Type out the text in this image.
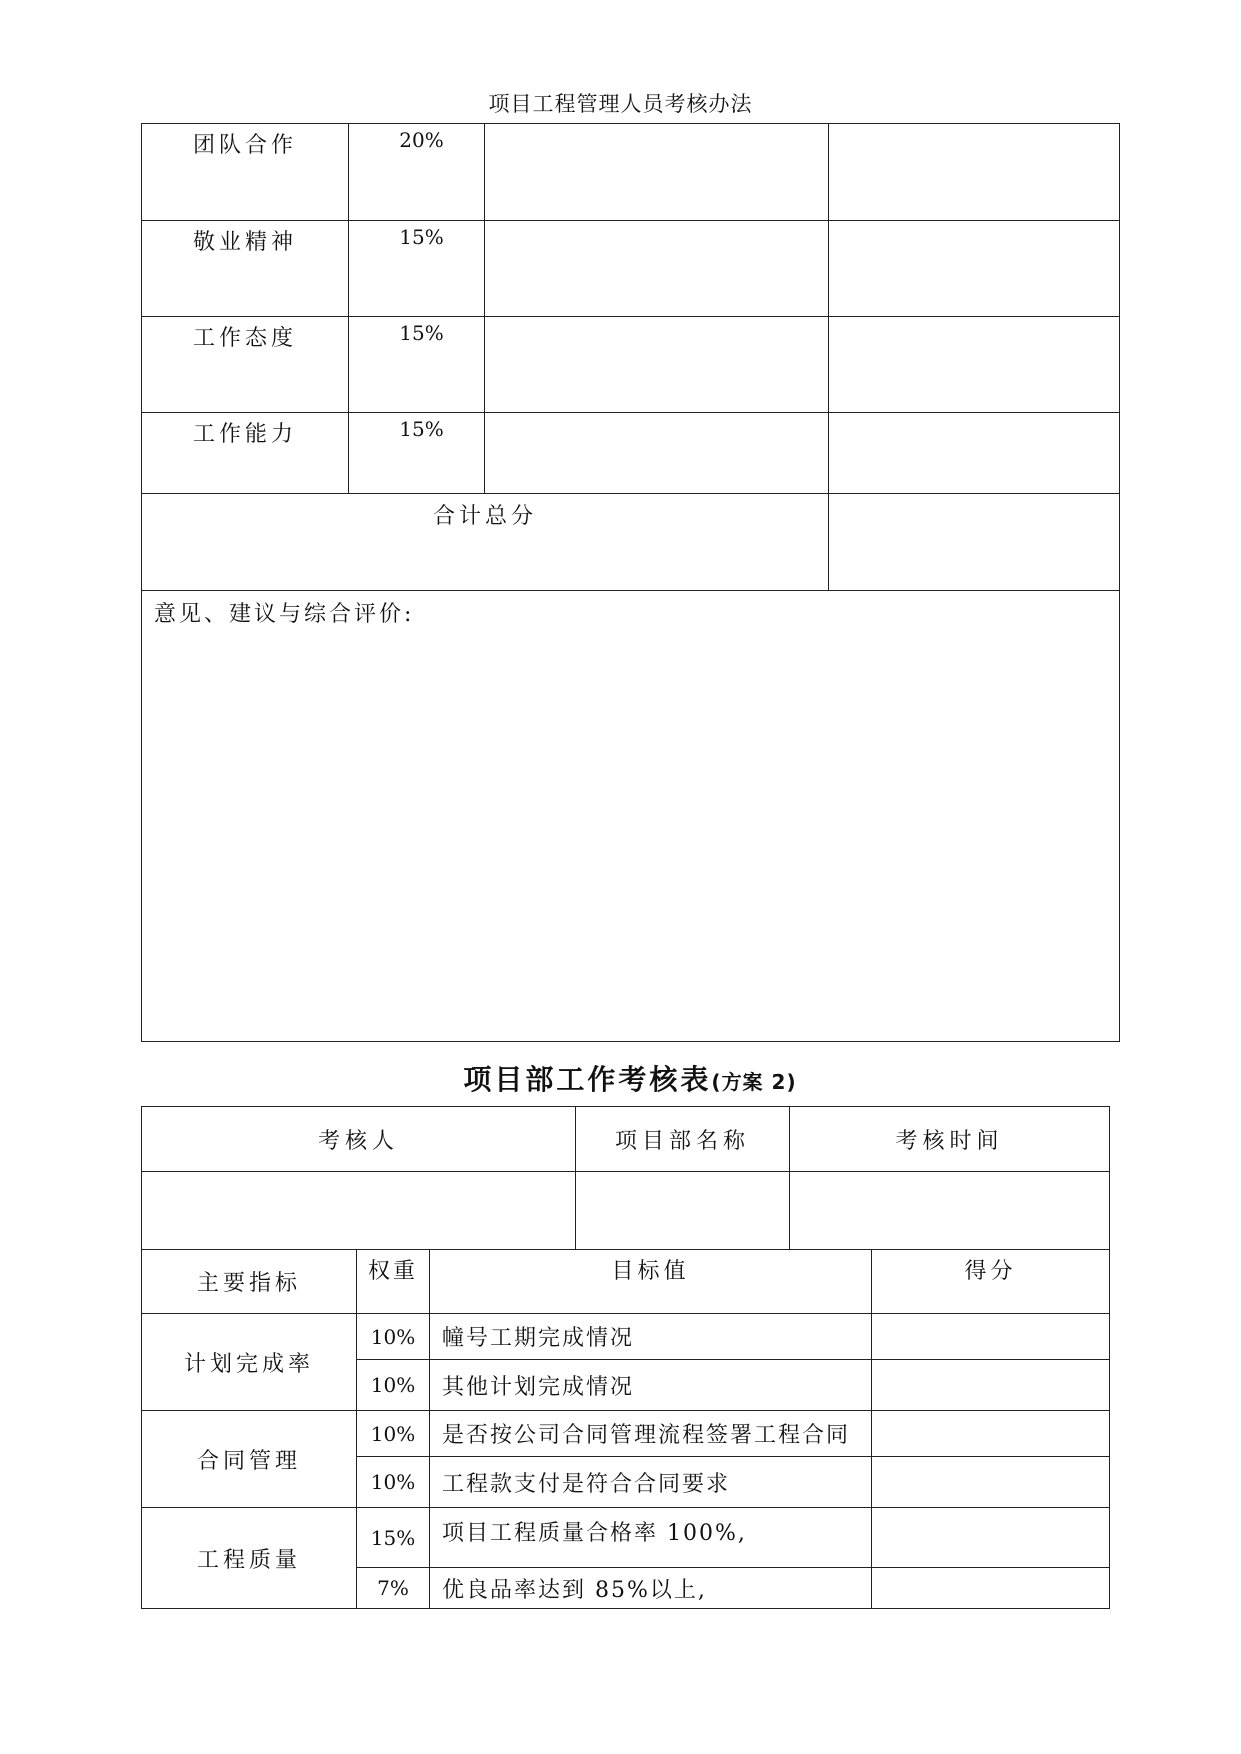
项目工程管理人员考核办法
团队合作	20%		
敬业精神	15%		
工作态度	15%		
工作能力	15%		
合计总分			
意见、建议与综合评价:			
项目部工作考核表(方案 2)
考核人			项目部名称	考核时间	

主要指标	权重	目标值			得分
计划完成率	10%	幢号工期完成情况			
	10%	其他计划完成情况			
合同管理	10%	是否按公司合同管理流程签署工程合同			
	10%	工程款支付是符合合同要求			
工程质量	15%	项目工程质量合格率 100%,			
	7%	优良品率达到 85%以上,			
